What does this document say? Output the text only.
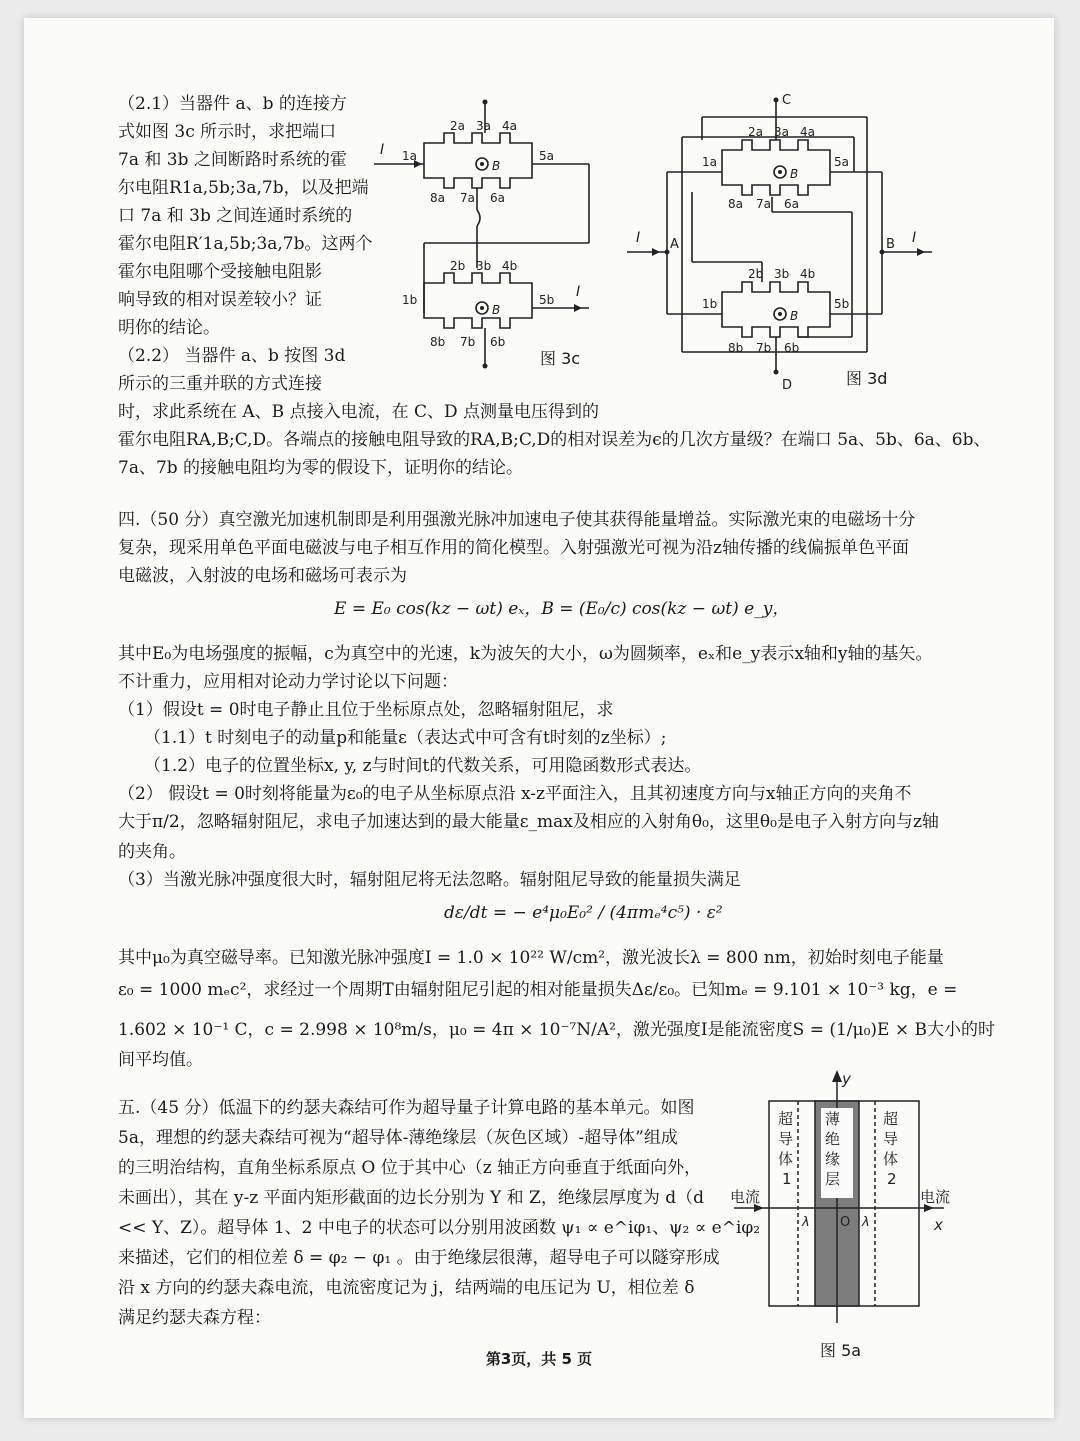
（2.1）当器件 a、b 的连接方
式如图 3c 所示时，求把端口
7a 和 3b 之间断路时系统的霍
尔电阻R1a,5b;3a,7b，以及把端
口 7a 和 3b 之间连通时系统的
霍尔电阻R′1a,5b;3a,7b。这两个
霍尔电阻哪个受接触电阻影
响导致的相对误差较小？证
明你的结论。
（2.2） 当器件 a、b 按图 3d
所示的三重并联的方式连接
2a 3a 4a
1a	5a
8a 7a 6a
2b 3b 4b
1b	5b
8b 7b 6b
B
B
I
I
图 3c
C
D
A	B
I	I
2a 3a 4a
1a	5a
8a 7a 6a
2b 3b 4b
1b	5b
8b 7b 6b
B
B
图 3d
时，求此系统在 A、B 点接入电流，在 C、D 点测量电压得到的
霍尔电阻RA,B;C,D。各端点的接触电阻导致的RA,B;C,D的相对误差为ϵ的几次方量级？在端口 5a、5b、6a、6b、
7a、7b 的接触电阻均为零的假设下，证明你的结论。
四.（50 分）真空激光加速机制即是利用强激光脉冲加速电子使其获得能量增益。实际激光束的电磁场十分
复杂，现采用单色平面电磁波与电子相互作用的简化模型。入射强激光可视为沿z轴传播的线偏振单色平面
电磁波，入射波的电场和磁场可表示为
E = E₀ cos(kz − ωt) eₓ，B = (E₀/c) cos(kz − ωt) e_y，
其中E₀为电场强度的振幅，c为真空中的光速，k为波矢的大小，ω为圆频率，eₓ和e_y表示x轴和y轴的基矢。
不计重力，应用相对论动力学讨论以下问题：
（1）假设t = 0时电子静止且位于坐标原点处，忽略辐射阻尼，求
（1.1）t 时刻电子的动量p和能量ε（表达式中可含有t时刻的z坐标）;
（1.2）电子的位置坐标x, y, z与时间t的代数关系，可用隐函数形式表达。
（2） 假设t = 0时刻将能量为ε₀的电子从坐标原点沿 x-z平面注入，且其初速度方向与x轴正方向的夹角不
大于π/2，忽略辐射阻尼，求电子加速达到的最大能量ε_max及相应的入射角θ₀，这里θ₀是电子入射方向与z轴
的夹角。
（3）当激光脉冲强度很大时，辐射阻尼将无法忽略。辐射阻尼导致的能量损失满足
dε/dt = − e⁴μ₀E₀² / (4πmₑ⁴c⁵) · ε²
其中μ₀为真空磁导率。已知激光脉冲强度I = 1.0 × 10²² W/cm²，激光波长λ = 800 nm，初始时刻电子能量
ε₀ = 1000 mₑc²，求经过一个周期T由辐射阻尼引起的相对能量损失Δε/ε₀。已知mₑ = 9.101 × 10⁻³ kg，e =
1.602 × 10⁻¹ C，c = 2.998 × 10⁸m/s，μ₀ = 4π × 10⁻⁷N/A²，激光强度I是能流密度S = (1/μ₀)E × B大小的时
间平均值。
五.（45 分）低温下的约瑟夫森结可作为超导量子计算电路的基本单元。如图
5a，理想的约瑟夫森结可视为“超导体-薄绝缘层（灰色区域）-超导体”组成
的三明治结构，直角坐标系原点 O 位于其中心（z 轴正方向垂直于纸面向外，
未画出），其在 y-z 平面内矩形截面的边长分别为 Y 和 Z，绝缘层厚度为 d（d
<< Y、Z）。超导体 1、2 中电子的状态可以分别用波函数 ψ₁ ∝ e^iφ₁、ψ₂ ∝ e^iφ₂
来描述，它们的相位差 δ = φ₂ − φ₁ 。由于绝缘层很薄，超导电子可以隧穿形成
沿 x 方向的约瑟夫森电流，电流密度记为 j，结两端的电压记为 U，相位差 δ
满足约瑟夫森方程：
超
导
体
1
薄
绝
缘
层
超
导
体
2
电流	电流
y
x
O
λ	λ
图 5a
第3页，共 5 页
